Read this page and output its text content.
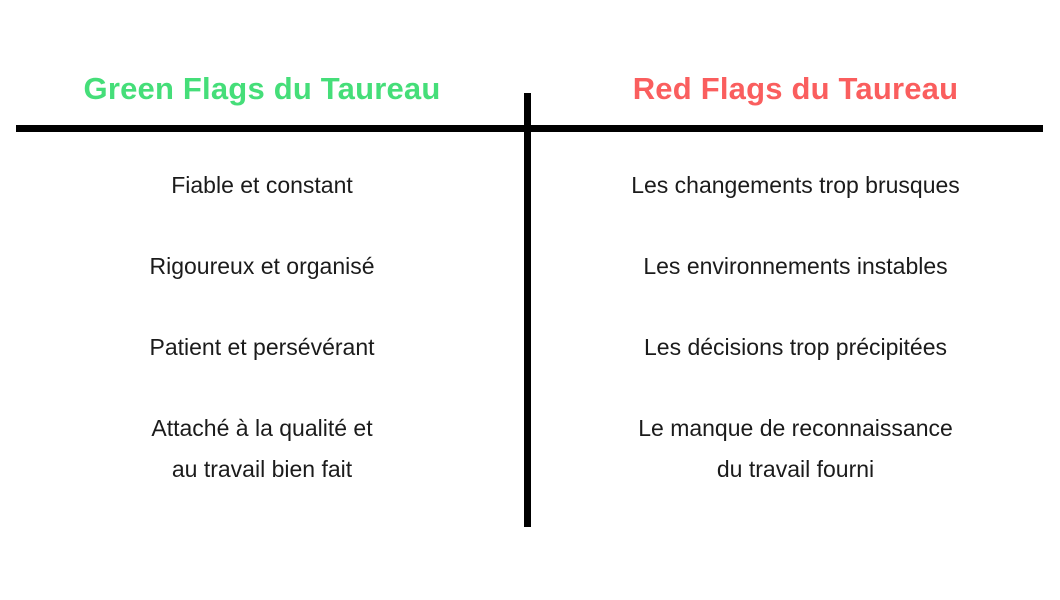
Green Flags du Taureau
Fiable et constant
Rigoureux et organisé
Patient et persévérant
Attaché à la qualité et
au travail bien fait
Red Flags du Taureau
Les changements trop brusques
Les environnements instables
Les décisions trop précipitées
Le manque de reconnaissance
du travail fourni
